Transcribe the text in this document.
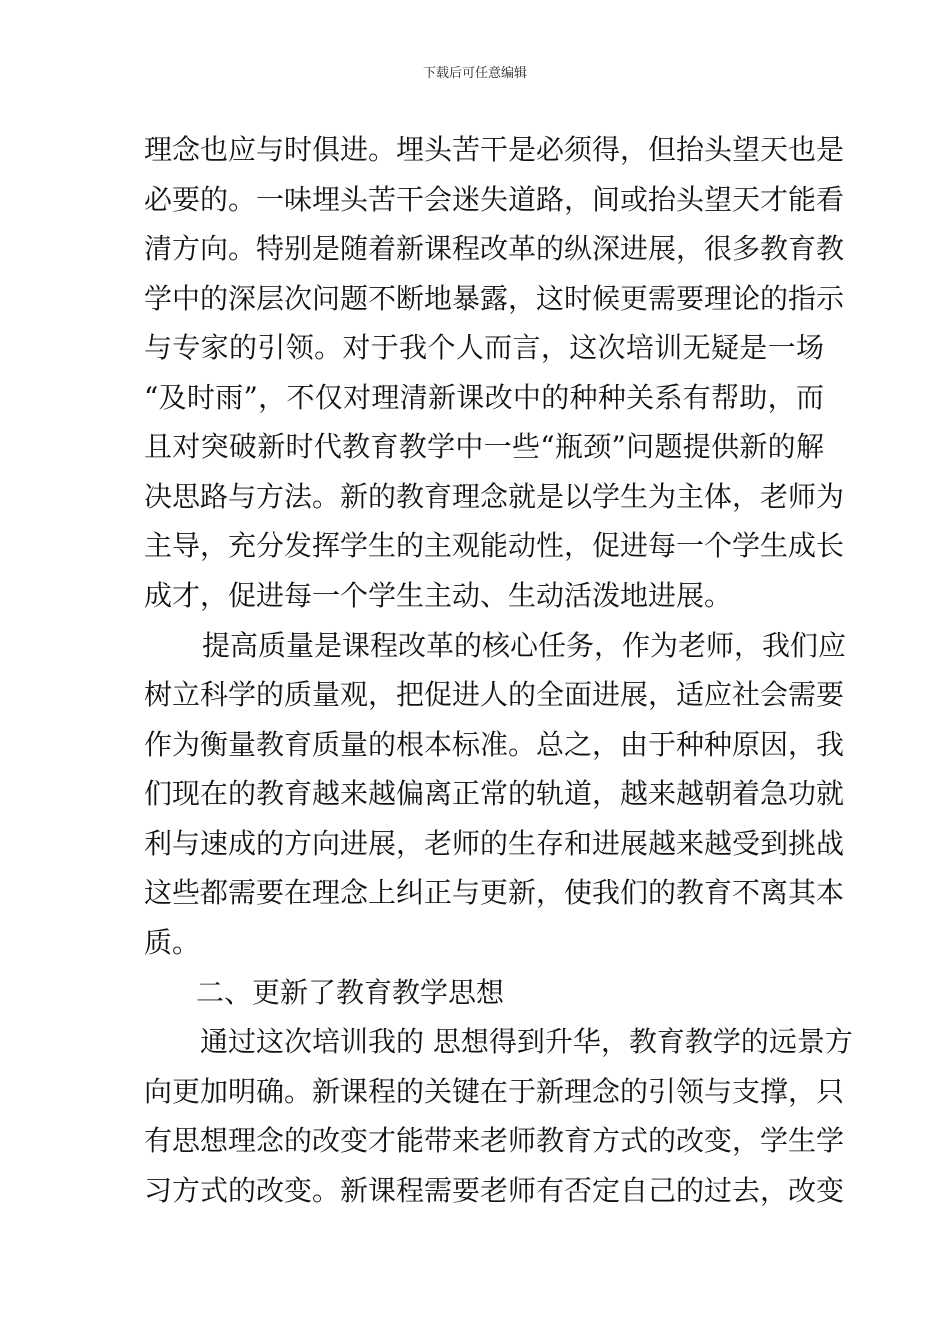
下载后可任意编辑
理念也应与时俱进。埋头苦干是必须得，但抬头望天也是
必要的。一味埋头苦干会迷失道路，间或抬头望天才能看
清方向。特别是随着新课程改革的纵深进展，很多教育教
学中的深层次问题不断地暴露，这时候更需要理论的指示
与专家的引领。对于我个人而言，这次培训无疑是一场
“及时雨”，不仅对理清新课改中的种种关系有帮助，而
且对突破新时代教育教学中一些“瓶颈”问题提供新的解
决思路与方法。新的教育理念就是以学生为主体，老师为
主导，充分发挥学生的主观能动性，促进每一个学生成长
成才，促进每一个学生主动、生动活泼地进展。
提高质量是课程改革的核心任务，作为老师，我们应
树立科学的质量观，把促进人的全面进展，适应社会需要
作为衡量教育质量的根本标准。总之，由于种种原因，我
们现在的教育越来越偏离正常的轨道，越来越朝着急功就
利与速成的方向进展，老师的生存和进展越来越受到挑战
这些都需要在理念上纠正与更新，使我们的教育不离其本
质。
二、更新了教育教学思想
通过这次培训我的 思想得到升华，教育教学的远景方
向更加明确。新课程的关键在于新理念的引领与支撑，只
有思想理念的改变才能带来老师教育方式的改变，学生学
习方式的改变。新课程需要老师有否定自己的过去，改变
